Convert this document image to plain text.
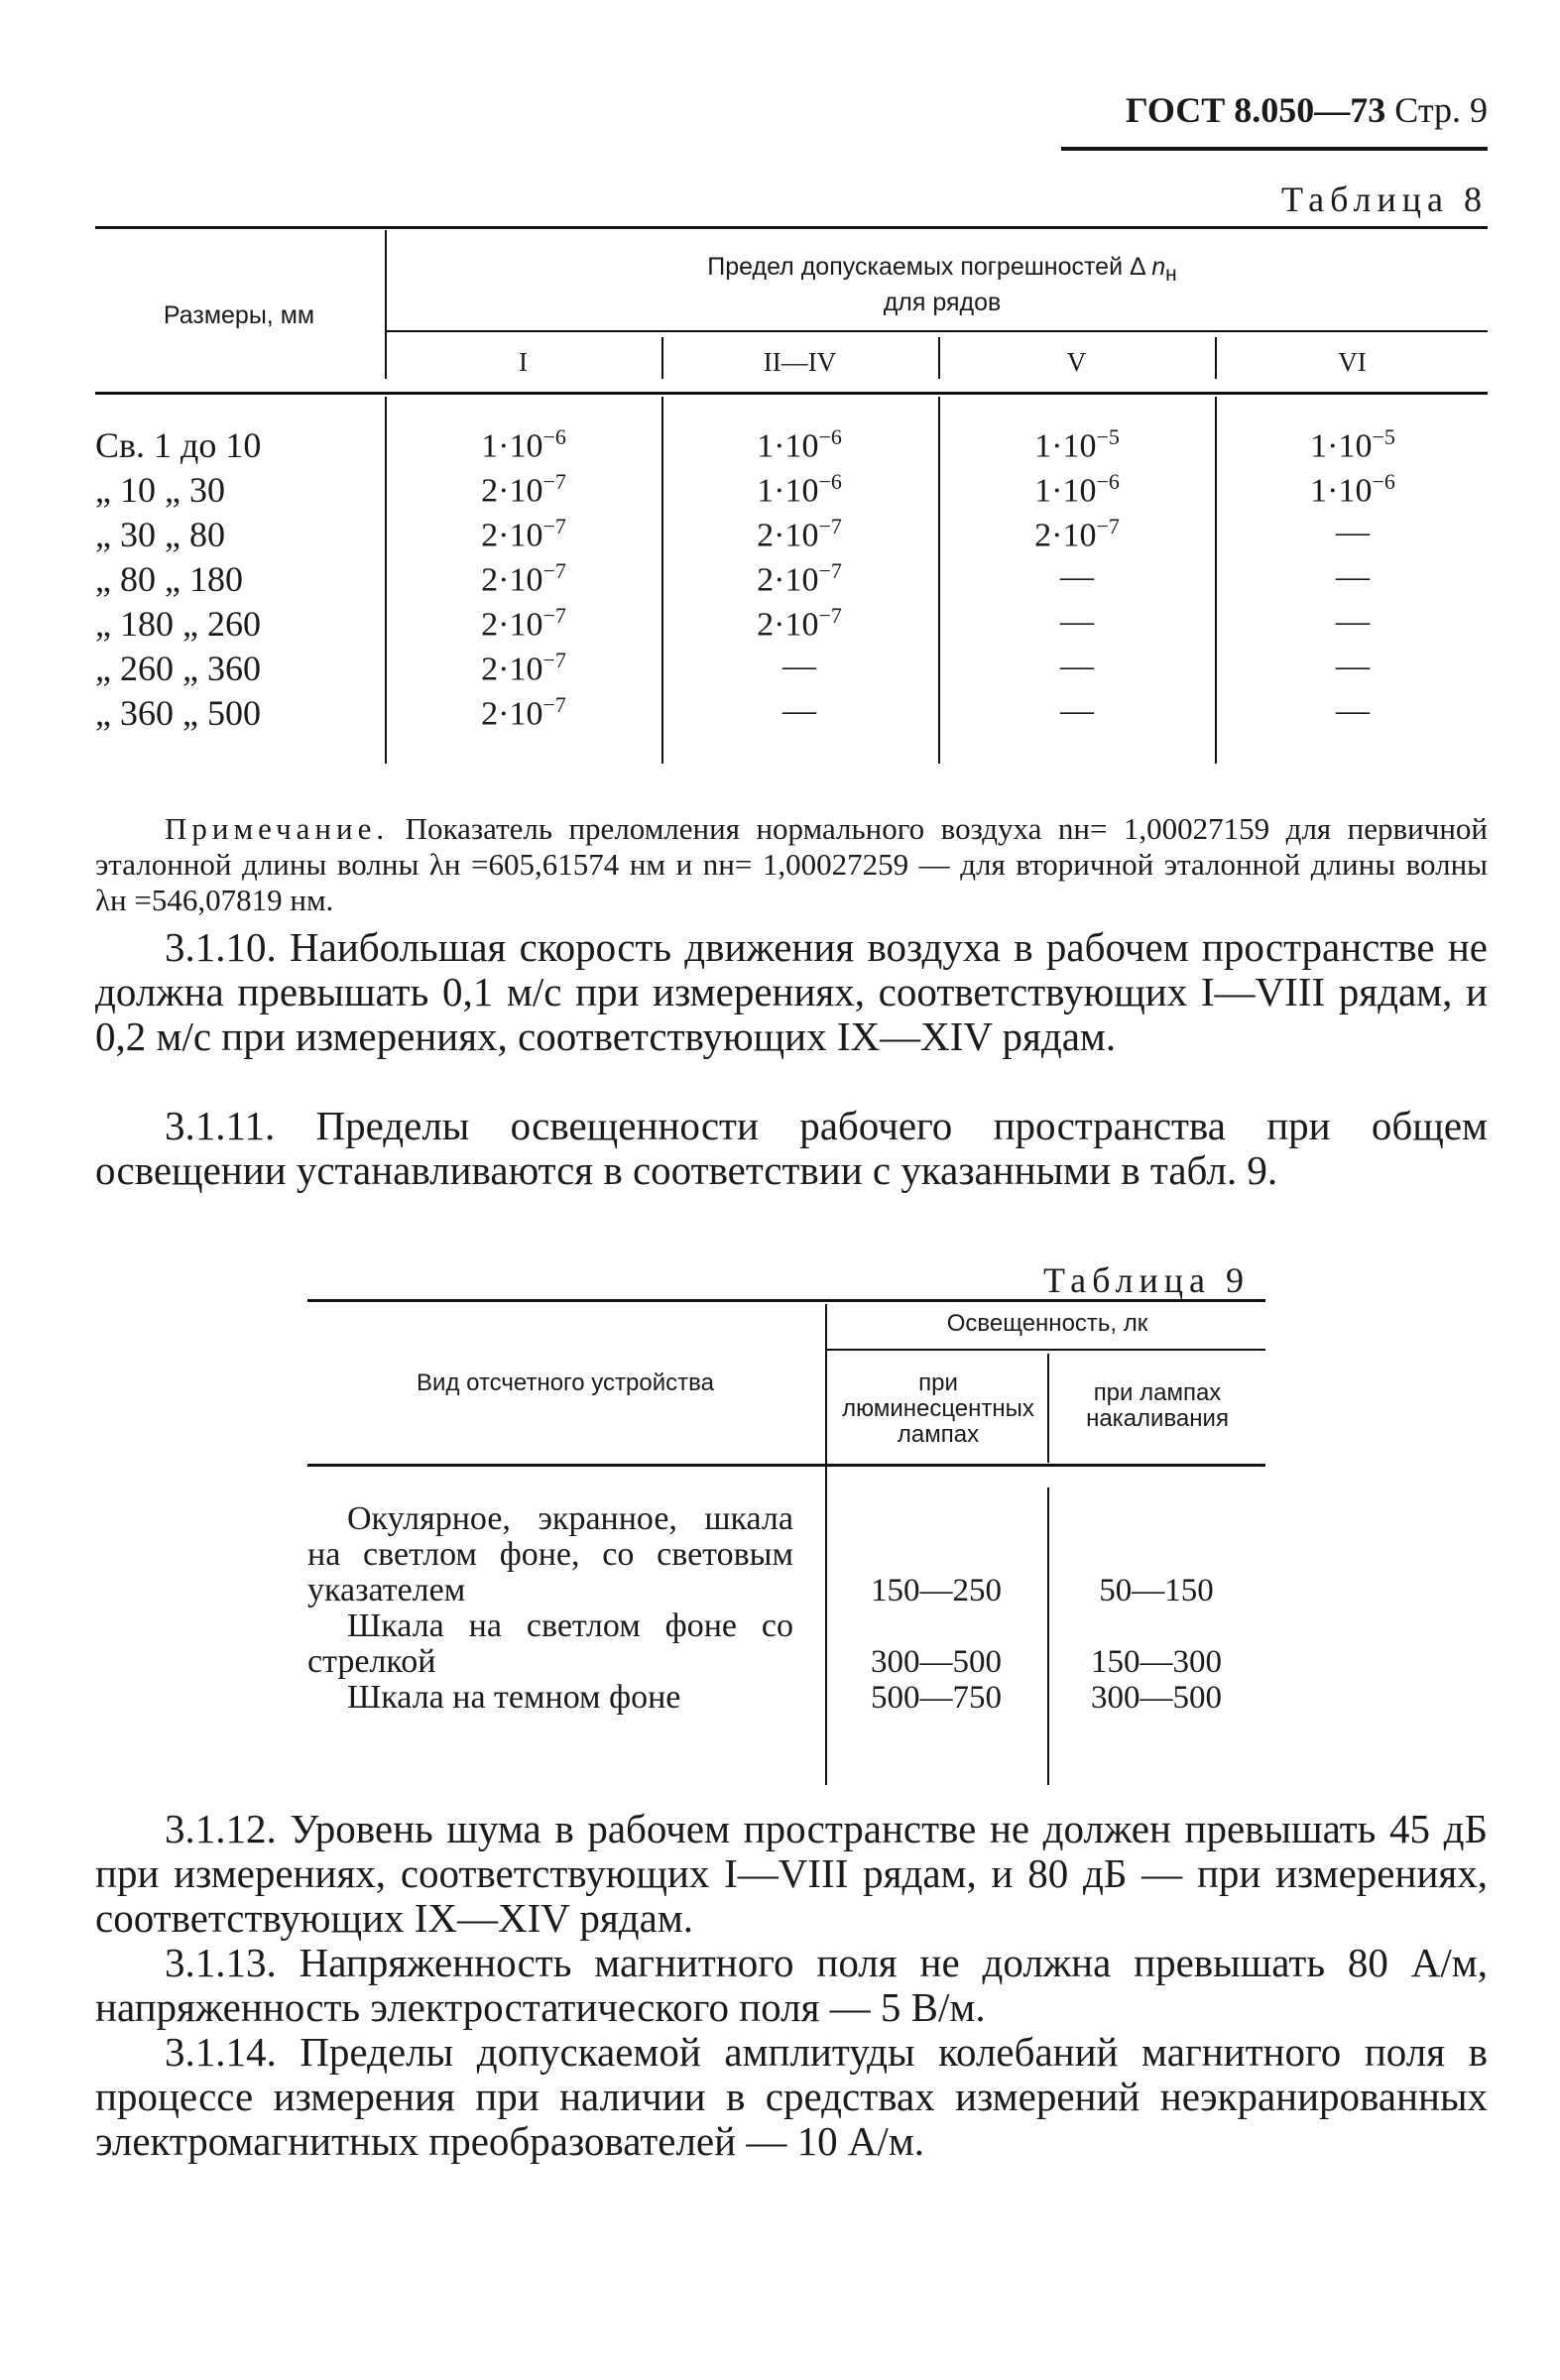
ГОСТ 8.050—73 Стр. 9
Таблица 8
Размеры, мм
Предел допускаемых погрешностей Δ $n_н$
для рядов
I	II—IV	V	VI
Св. 1 до 10	$1\cdot 10^{-6}$	$1\cdot 10^{-6}$	$1\cdot 10^{-5}$	$1\cdot 10^{-5}$
„ 10 „ 30	$2\cdot 10^{-7}$	$1\cdot 10^{-6}$	$1\cdot 10^{-6}$	$1\cdot 10^{-6}$
„ 30 „ 80	$2\cdot 10^{-7}$	$2\cdot 10^{-7}$	$2\cdot 10^{-7}$	—
„ 80 „ 180	$2\cdot 10^{-7}$	$2\cdot 10^{-7}$	—	—
„ 180 „ 260	$2\cdot 10^{-7}$	$2\cdot 10^{-7}$	—	—
„ 260 „ 360	$2\cdot 10^{-7}$	—	—	—
„ 360 „ 500	$2\cdot 10^{-7}$	—	—	—
Примечание. Показатель преломления нормального воздуха nн= 1,00027159 для первичной эталонной длины волны λн =605,61574 нм и nн= 1,00027259 — для вторичной эталонной длины волны λн =546,07819 нм.
3.1.10. Наибольшая скорость движения воздуха в рабочем пространстве не должна превышать 0,1 м/с при измерениях, соответствующих I—VIII рядам, и 0,2 м/с при измерениях, соответствующих IX—XIV рядам.
3.1.11. Пределы освещенности рабочего пространства при общем освещении устанавливаются в соответствии с указанными в табл. 9.
Таблица 9
Вид отсчетного устройства
Освещенность, лк
при люминесцентных лампах
при лампах накаливания
Окулярное, экранное, шкала на светлом фоне, со световым указателем	150—250	50—150
Шкала на светлом фоне со стрелкой	300—500	150—300
Шкала на темном фоне	500—750	300—500
3.1.12. Уровень шума в рабочем пространстве не должен превышать 45 дБ при измерениях, соответствующих I—VIII рядам, и 80 дБ — при измерениях, соответствующих IX—XIV рядам.
3.1.13. Напряженность магнитного поля не должна превышать 80 А/м, напряженность электростатического поля — 5 В/м.
3.1.14. Пределы допускаемой амплитуды колебаний магнитного поля в процессе измерения при наличии в средствах измерений неэкранированных электромагнитных преобразователей — 10 А/м.
